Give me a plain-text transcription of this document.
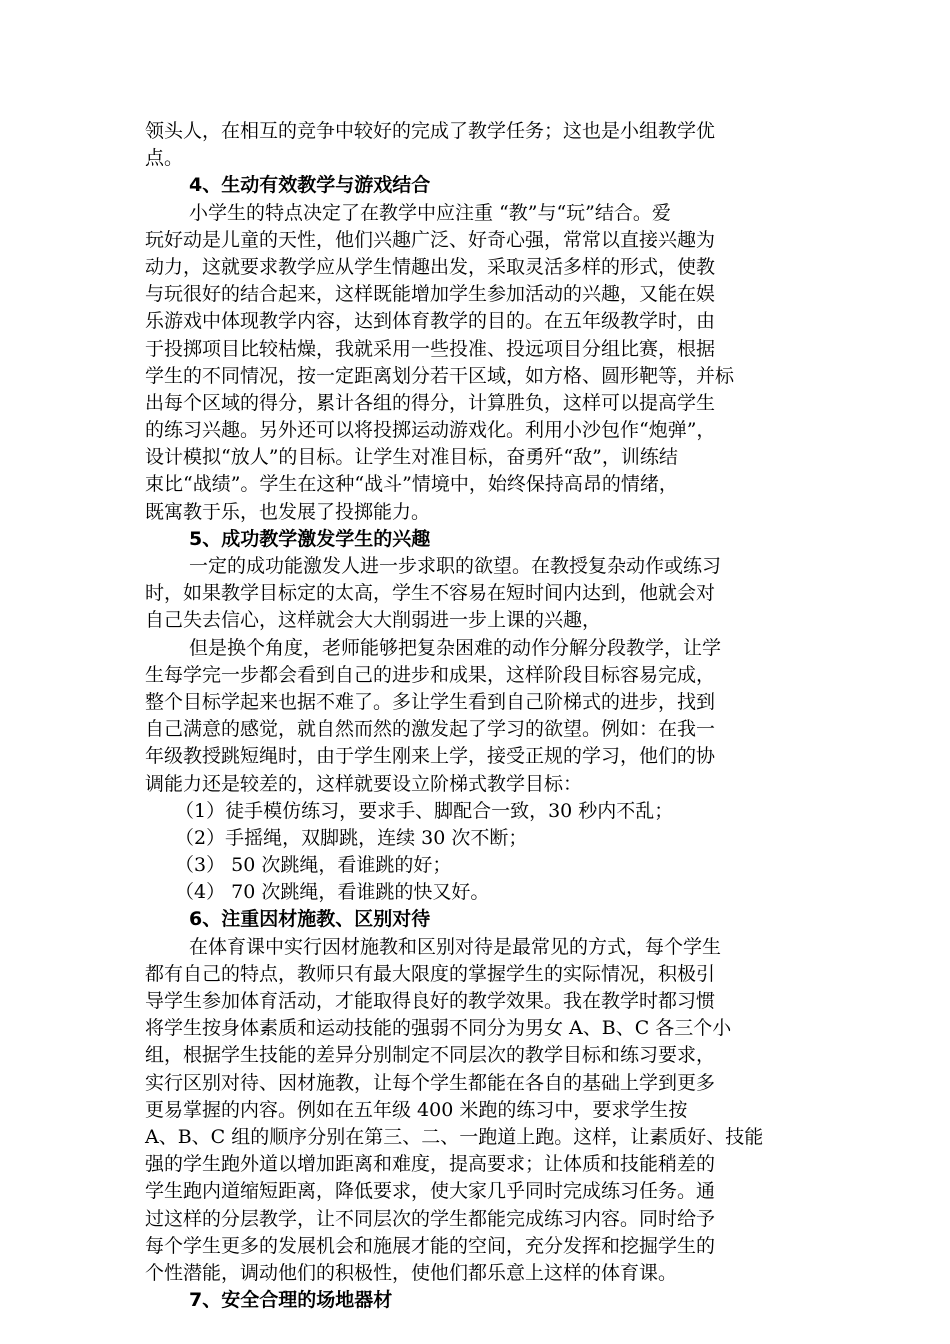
领头人，在相互的竞争中较好的完成了教学任务；这也是小组教学优
点。
4、生动有效教学与游戏结合
小学生的特点决定了在教学中应注重 “教”与“玩”结合。爱
玩好动是儿童的天性，他们兴趣广泛、好奇心强，常常以直接兴趣为
动力，这就要求教学应从学生情趣出发，采取灵活多样的形式，使教
与玩很好的结合起来，这样既能增加学生参加活动的兴趣，又能在娱
乐游戏中体现教学内容，达到体育教学的目的。在五年级教学时，由
于投掷项目比较枯燥，我就采用一些投准、投远项目分组比赛，根据
学生的不同情况，按一定距离划分若干区域，如方格、圆形靶等，并标
出每个区域的得分，累计各组的得分，计算胜负，这样可以提高学生
的练习兴趣。另外还可以将投掷运动游戏化。利用小沙包作“炮弹”，
设计模拟“放人”的目标。让学生对准目标，奋勇歼“敌”，训练结
束比“战绩”。学生在这种“战斗”情境中，始终保持高昂的情绪，
既寓教于乐，也发展了投掷能力。
5、成功教学激发学生的兴趣
一定的成功能激发人进一步求职的欲望。在教授复杂动作或练习
时，如果教学目标定的太高，学生不容易在短时间内达到，他就会对
自己失去信心，这样就会大大削弱进一步上课的兴趣，
但是换个角度，老师能够把复杂困难的动作分解分段教学，让学
生每学完一步都会看到自己的进步和成果，这样阶段目标容易完成，
整个目标学起来也据不难了。多让学生看到自己阶梯式的进步，找到
自己满意的感觉，就自然而然的激发起了学习的欲望。例如：在我一
年级教授跳短绳时，由于学生刚来上学，接受正规的学习，他们的协
调能力还是较差的，这样就要设立阶梯式教学目标：
（1）徒手模仿练习，要求手、脚配合一致，30 秒内不乱；
（2）手摇绳，双脚跳，连续 30 次不断；
（3） 50 次跳绳，看谁跳的好；
（4） 70 次跳绳，看谁跳的快又好。
6、注重因材施教、区别对待
在体育课中实行因材施教和区别对待是最常见的方式，每个学生
都有自己的特点，教师只有最大限度的掌握学生的实际情况，积极引
导学生参加体育活动，才能取得良好的教学效果。我在教学时都习惯
将学生按身体素质和运动技能的强弱不同分为男女 A、B、C 各三个小
组，根据学生技能的差异分别制定不同层次的教学目标和练习要求，
实行区别对待、因材施教，让每个学生都能在各自的基础上学到更多
更易掌握的内容。例如在五年级 400 米跑的练习中，要求学生按
A、B、C 组的顺序分别在第三、二、一跑道上跑。这样，让素质好、技能
强的学生跑外道以增加距离和难度，提高要求；让体质和技能稍差的
学生跑内道缩短距离，降低要求，使大家几乎同时完成练习任务。通
过这样的分层教学，让不同层次的学生都能完成练习内容。同时给予
每个学生更多的发展机会和施展才能的空间，充分发挥和挖掘学生的
个性潜能，调动他们的积极性，使他们都乐意上这样的体育课。
7、安全合理的场地器材
